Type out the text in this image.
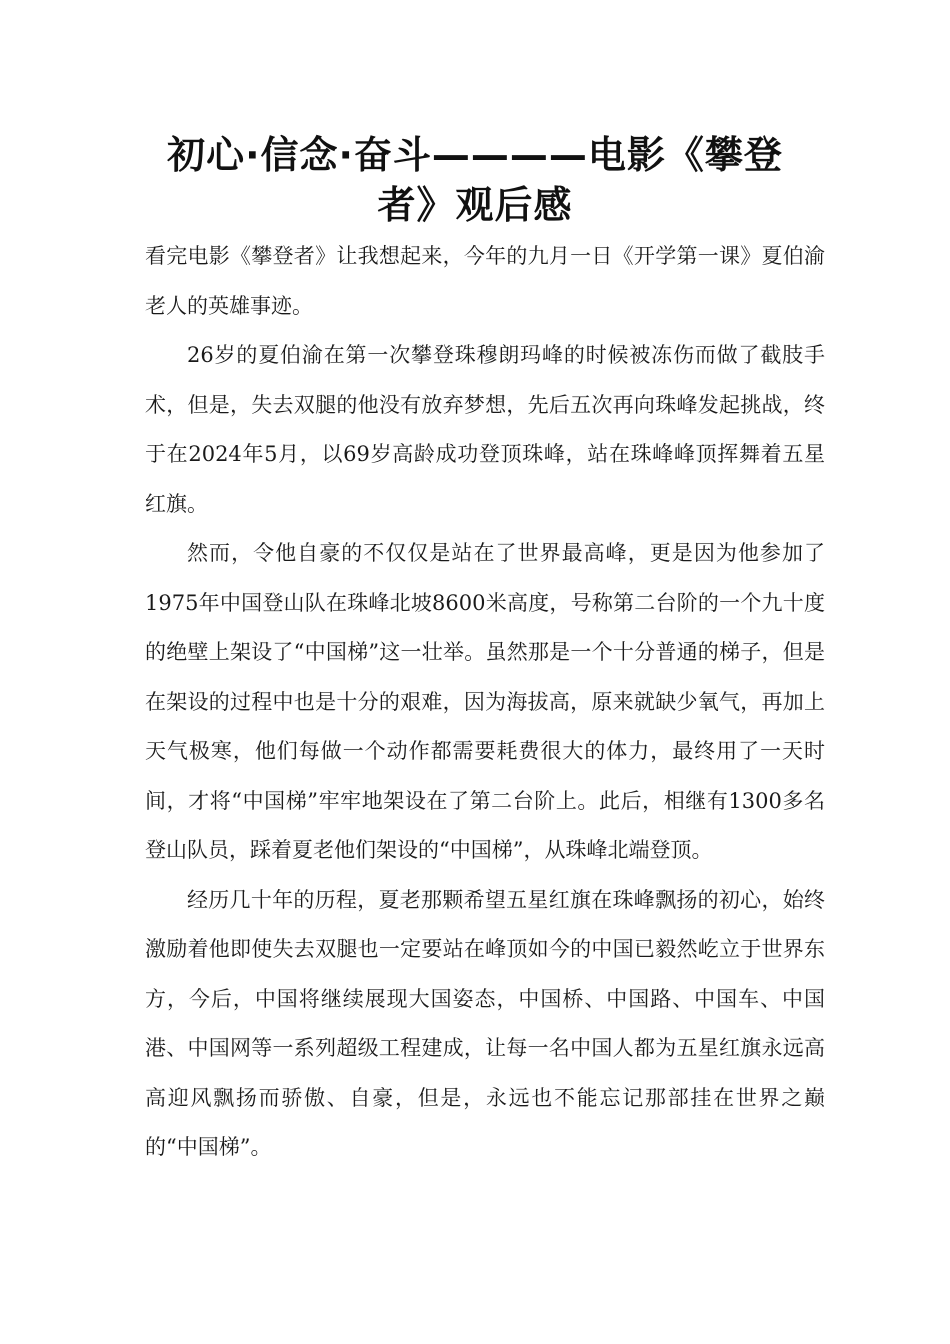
初心·信念·奋斗————电影《攀登者》观后感

看完电影《攀登者》让我想起来，今年的九月一日《开学第一课》夏伯渝老人的英雄事迹。

26岁的夏伯渝在第一次攀登珠穆朗玛峰的时候被冻伤而做了截肢手术，但是，失去双腿的他没有放弃梦想，先后五次再向珠峰发起挑战，终于在2024年5月，以69岁高龄成功登顶珠峰，站在珠峰峰顶挥舞着五星红旗。

然而，令他自豪的不仅仅是站在了世界最高峰，更是因为他参加了1975年中国登山队在珠峰北坡8600米高度，号称第二台阶的一个九十度的绝壁上架设了“中国梯”这一壮举。虽然那是一个十分普通的梯子，但是在架设的过程中也是十分的艰难，因为海拔高，原来就缺少氧气，再加上天气极寒，他们每做一个动作都需要耗费很大的体力，最终用了一天时间，才将“中国梯”牢牢地架设在了第二台阶上。此后，相继有1300多名登山队员，踩着夏老他们架设的“中国梯”，从珠峰北端登顶。

经历几十年的历程，夏老那颗希望五星红旗在珠峰飘扬的初心，始终激励着他即使失去双腿也一定要站在峰顶如今的中国已毅然屹立于世界东方，今后，中国将继续展现大国姿态，中国桥、中国路、中国车、中国港、中国网等一系列超级工程建成，让每一名中国人都为五星红旗永远高高迎风飘扬而骄傲、自豪，但是，永远也不能忘记那部挂在世界之巅的“中国梯”。
